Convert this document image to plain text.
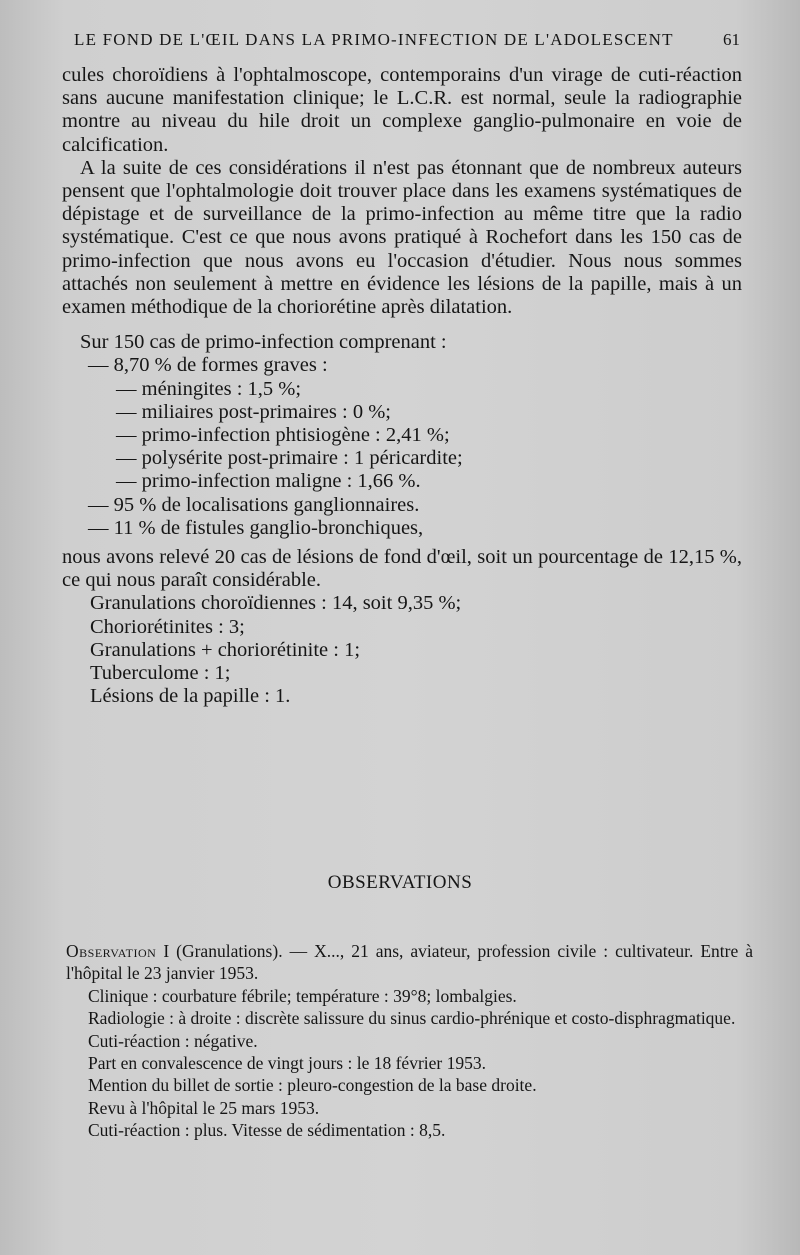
LE FOND DE L'ŒIL DANS LA PRIMO-INFECTION DE L'ADOLESCENT	61

cules choroïdiens à l'ophtalmoscope, contemporains d'un virage de cuti-réaction sans aucune manifestation clinique; le L.C.R. est normal, seule la radiographie montre au niveau du hile droit un complexe ganglio-pulmonaire en voie de calcification.

A la suite de ces considérations il n'est pas étonnant que de nombreux auteurs pensent que l'ophtalmologie doit trouver place dans les examens systématiques de dépistage et de surveillance de la primo-infection au même titre que la radio systématique. C'est ce que nous avons pratiqué à Rochefort dans les 150 cas de primo-infection que nous avons eu l'occasion d'étudier. Nous nous sommes attachés non seulement à mettre en évidence les lésions de la papille, mais à un examen méthodique de la choriorétine après dilatation.

Sur 150 cas de primo-infection comprenant :

— 8,70 % de formes graves :
— méningites : 1,5 %;
— miliaires post-primaires : 0 %;
— primo-infection phtisiogène : 2,41 %;
— polysérite post-primaire : 1 péricardite;
— primo-infection maligne : 1,66 %.
— 95 % de localisations ganglionnaires.
— 11 % de fistules ganglio-bronchiques,

nous avons relevé 20 cas de lésions de fond d'œil, soit un pourcentage de 12,15 %, ce qui nous paraît considérable.

Granulations choroïdiennes : 14, soit 9,35 %;
Choriorétinites : 3;
Granulations + choriorétinite : 1;
Tuberculome : 1;
Lésions de la papille : 1.
OBSERVATIONS

Observation I (Granulations). — X..., 21 ans, aviateur, profession civile : cultivateur. Entre à l'hôpital le 23 janvier 1953.

Clinique : courbature fébrile; température : 39°8; lombalgies.

Radiologie : à droite : discrète salissure du sinus cardio-phrénique et costo-disphragmatique.

Cuti-réaction : négative.

Part en convalescence de vingt jours : le 18 février 1953.

Mention du billet de sortie : pleuro-congestion de la base droite.

Revu à l'hôpital le 25 mars 1953.

Cuti-réaction : plus. Vitesse de sédimentation : 8,5.
